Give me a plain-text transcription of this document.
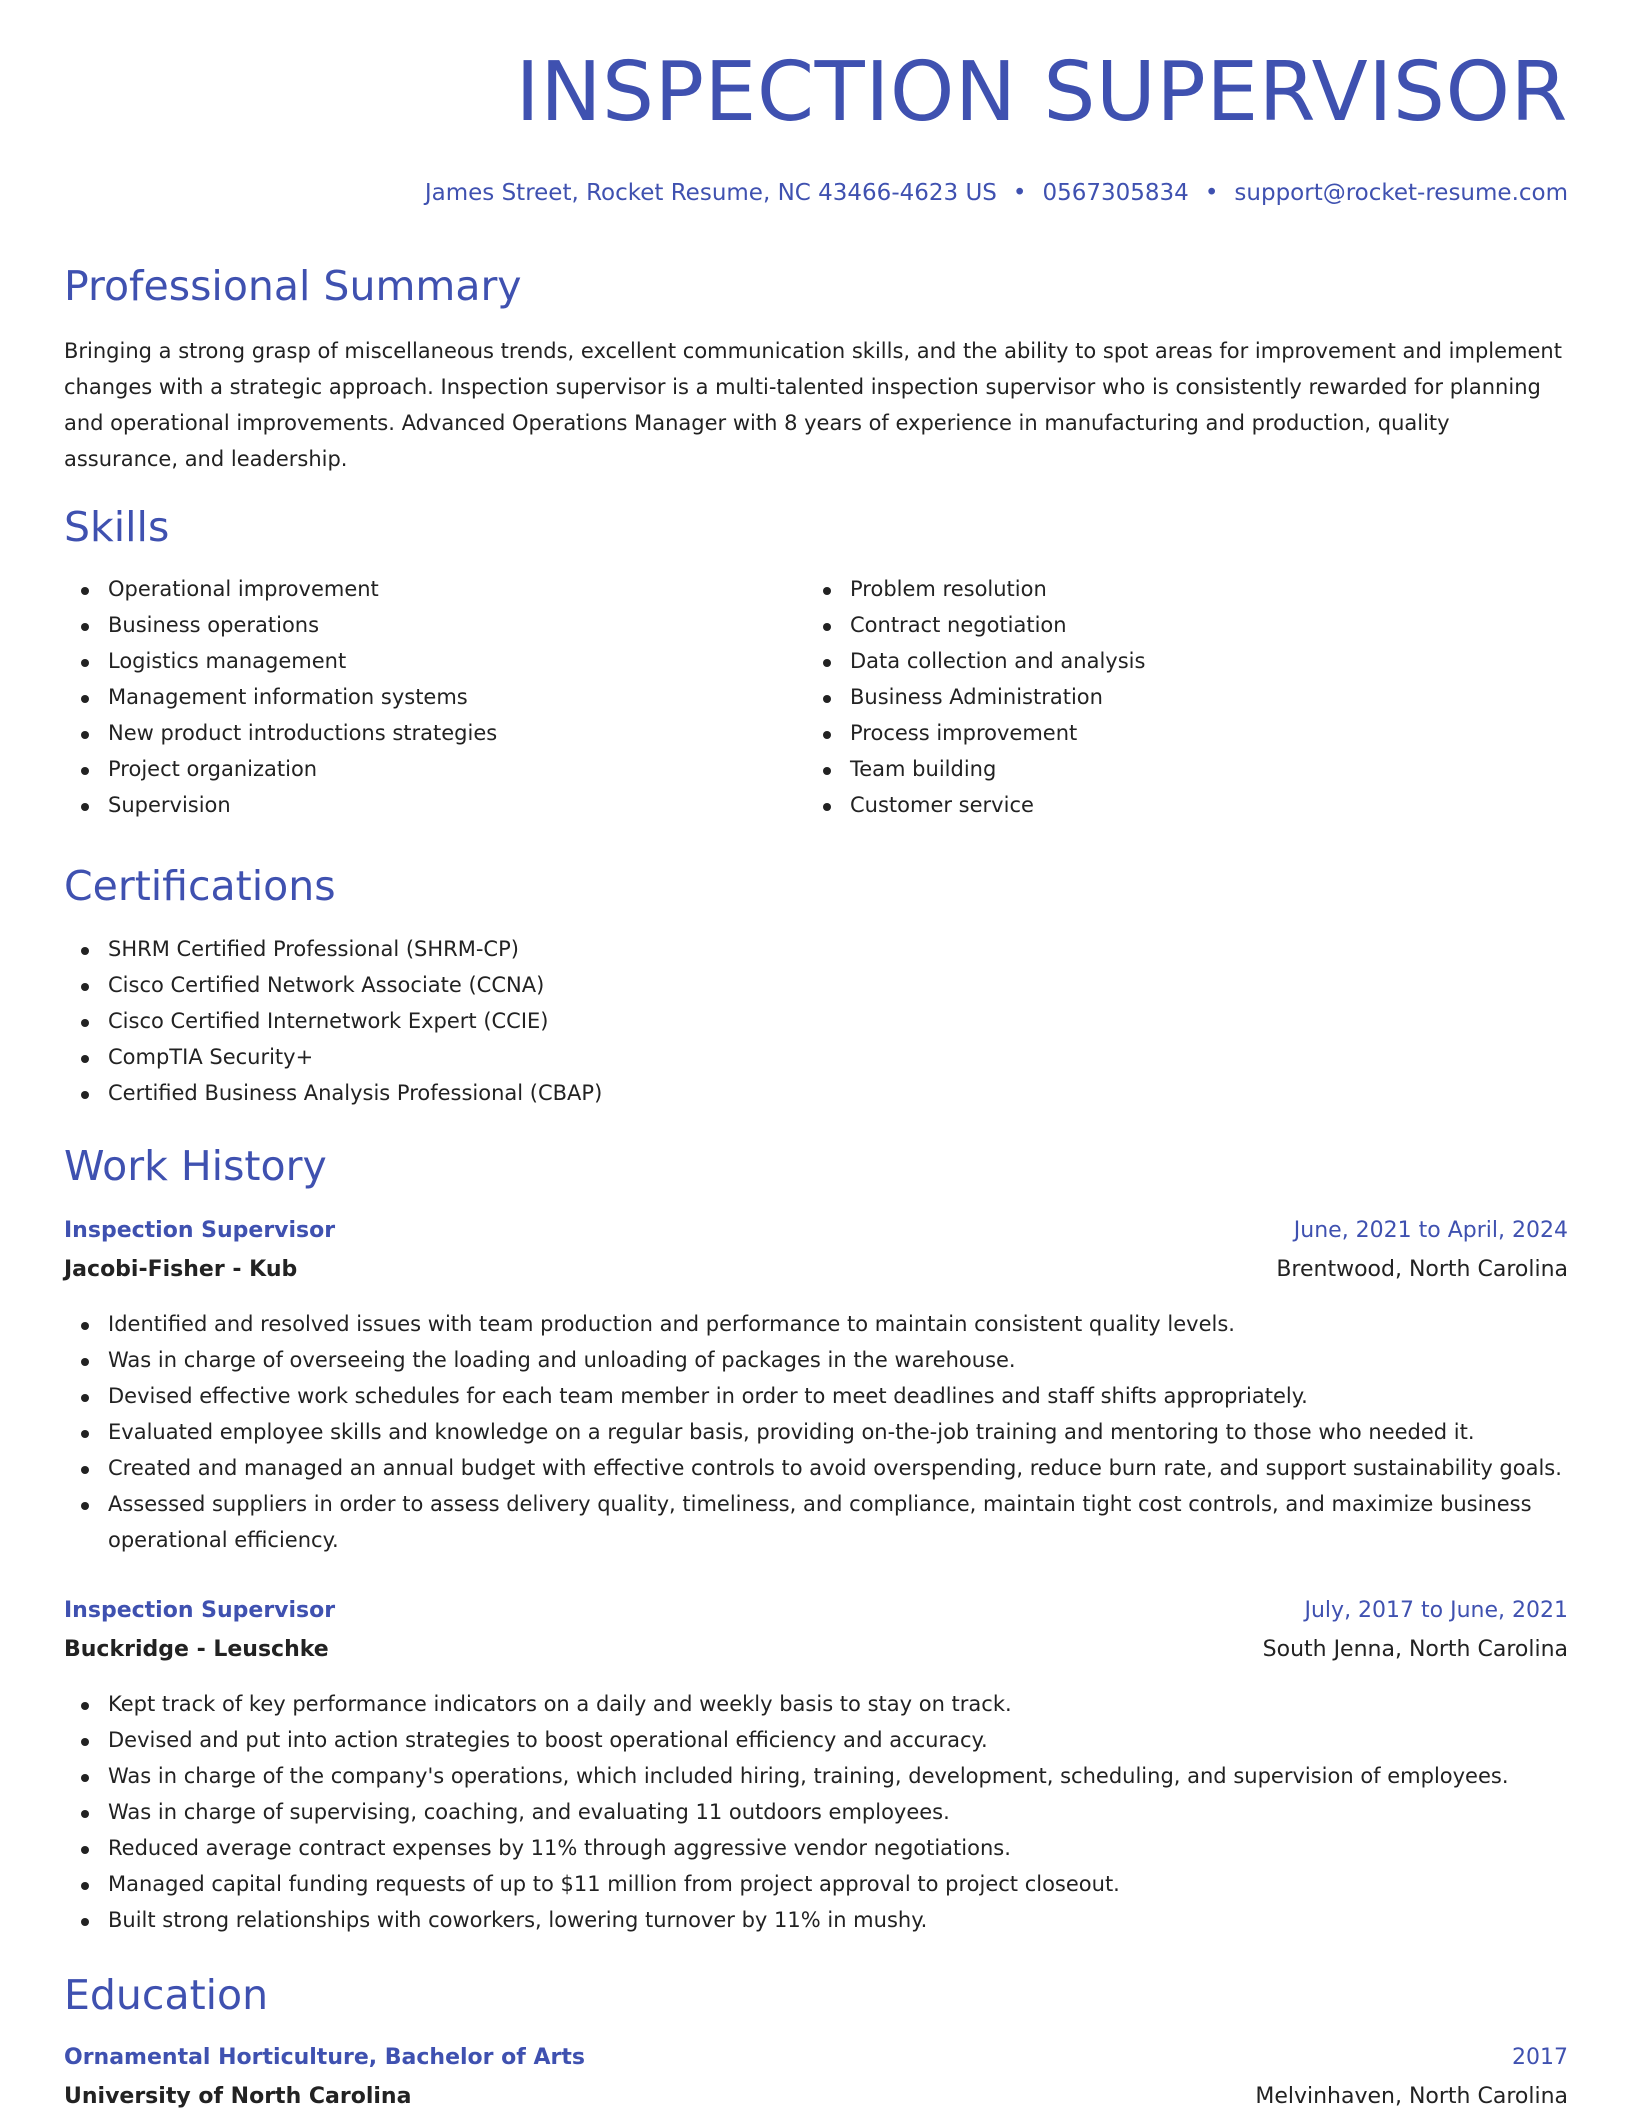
INSPECTION SUPERVISOR
James Street, Rocket Resume, NC 43466-4623 US • 0567305834 • support@rocket-resume.com
Professional Summary

Bringing a strong grasp of miscellaneous trends, excellent communication skills, and the ability to spot areas for improvement and implement changes with a strategic approach. Inspection supervisor is a multi-talented inspection supervisor who is consistently rewarded for planning and operational improvements. Advanced Operations Manager with 8 years of experience in manufacturing and production, quality assurance, and leadership.

Skills
Operational improvement
Business operations
Logistics management
Management information systems
New product introductions strategies
Project organization
Supervision
Problem resolution
Contract negotiation
Data collection and analysis
Business Administration
Process improvement
Team building
Customer service
Certifications
SHRM Certified Professional (SHRM-CP)
Cisco Certified Network Associate (CCNA)
Cisco Certified Internetwork Expert (CCIE)
CompTIA Security+
Certified Business Analysis Professional (CBAP)
Work History
Inspection Supervisor	June, 2021 to April, 2024
Jacobi-Fisher - Kub	Brentwood, North Carolina
Identified and resolved issues with team production and performance to maintain consistent quality levels.
Was in charge of overseeing the loading and unloading of packages in the warehouse.
Devised effective work schedules for each team member in order to meet deadlines and staff shifts appropriately.
Evaluated employee skills and knowledge on a regular basis, providing on-the-job training and mentoring to those who needed it.
Created and managed an annual budget with effective controls to avoid overspending, reduce burn rate, and support sustainability goals.
Assessed suppliers in order to assess delivery quality, timeliness, and compliance, maintain tight cost controls, and maximize business operational efficiency.
Inspection Supervisor	July, 2017 to June, 2021
Buckridge - Leuschke	South Jenna, North Carolina
Kept track of key performance indicators on a daily and weekly basis to stay on track.
Devised and put into action strategies to boost operational efficiency and accuracy.
Was in charge of the company's operations, which included hiring, training, development, scheduling, and supervision of employees.
Was in charge of supervising, coaching, and evaluating 11 outdoors employees.
Reduced average contract expenses by 11% through aggressive vendor negotiations.
Managed capital funding requests of up to $11 million from project approval to project closeout.
Built strong relationships with coworkers, lowering turnover by 11% in mushy.
Education
Ornamental Horticulture, Bachelor of Arts	2017
University of North Carolina	Melvinhaven, North Carolina
